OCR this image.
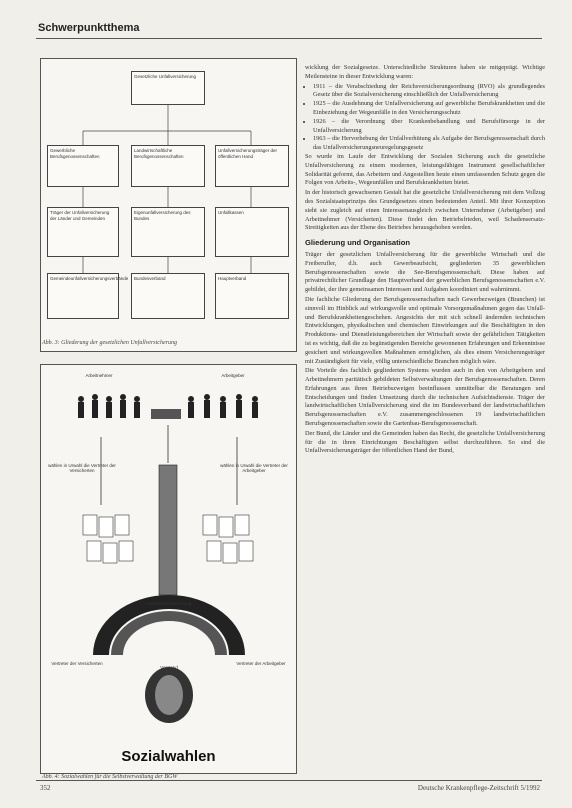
Schwerpunktthema
Gesetzliche Unfallversicherung
Gewerbliche Berufsgenossenschaften
Landwirtschaftliche Berufsgenossenschaften
Unfallversicherungsträger der öffentlichen Hand
Träger der Unfallversicherung der Länder und Gemeinden
Eigenunfallversicherung des Bundes
Unfallkassen
Gemeindeunfallversicherungsverbände	Bundesverband	Hauptverband
Abb. 3: Gliederung der gesetzlichen Unfallversicherung
Arbeitnehmer	Arbeitgeber
wählen in Urwahl die Vertreter der Versicherten
wählen in Urwahl die Vertreter der Arbeitgeber
Vertreterversammlung
Vertreter der Versicherten	Vertreter der Arbeitgeber
Vorstand
Sozialwahlen
Abb. 4: Sozialwahlen für die Selbstverwaltung der BGW

wicklung der Sozialgesetze. Unterschiedliche Strukturen haben sie mitgeprägt. Wichtige Meilensteine in dieser Entwicklung waren:

• 1911 – die Verabschiedung der Reichsversicherungsordnung (RVO) als grundlegendes Gesetz über die Sozialversicherung einschließlich der Unfallversicherung
• 1925 – die Ausdehnung der Unfallversicherung auf gewerbliche Berufskrankheiten und die Einbeziehung der Wegeunfälle in den Versicherungsschutz
• 1926 – die Verordnung über Krankenbehandlung und Berufsfürsorge in der Unfallversicherung
• 1963 – die Hervorhebung der Unfallverhütung als Aufgabe der Berufsgenossenschaft durch das Unfallversicherungsneuregelungsgesetz

So wurde im Laufe der Entwicklung der Sozialen Sicherung auch die gesetzliche Unfallversicherung zu einem modernen, leistungsfähigen Instrument gesellschaftlicher Solidarität geformt, das Arbeitern und Angestellten heute einen umfassenden Schutz gegen die Folgen von Arbeits-, Wegeunfällen und Berufskrankheiten bietet.

In der historisch gewachsenen Gestalt hat die gesetzliche Unfallversicherung mit dem Vollzug des Sozialstaatsprinzips des Grundgesetzes einen bedeutenden Anteil. Mit ihrer Konzeption sieht sie zugleich auf einen Interessenausgleich zwischen Unternehmer (Arbeitgeber) und Arbeitnehmer (Versicherten). Diese findet den Betriebsfrieden, weil Schadensersatz-Streitigkeiten aus der Ebene des Betriebes herausgehoben werden.

Gliederung und Organisation

Träger der gesetzlichen Unfallversicherung für die gewerbliche Wirtschaft und die Freiberufler, d.h. auch Gewerbeaufsicht, gegliederten 35 gewerblichen Berufsgenossenschaften sowie die See-Berufsgenossenschaft. Diese haben auf privatrechtlicher Grundlage den Hauptverband der gewerblichen Berufsgenossenschaften e.V. gebildet, der ihre gemeinsamen Interessen und Aufgaben koordiniert und wahrnimmt.

Die fachliche Gliederung der Berufsgenossenschaften nach Gewerbezweigen (Branchen) ist sinnvoll im Hinblick auf wirkungsvolle und optimale Vorsorgemaßnahmen gegen das Unfall- und Berufskrankheitengeschehen. Angesichts der mit sich schnell ändernden technischen Entwicklungen, physikalischen und chemischen Einwirkungen auf die Beschäftigten in den Produktions- und Dienstleistungsbereichen der Wirtschaft sowie der gefährlichen Tätigkeiten ist es wichtig, daß die zu begünstigenden Bereiche gewonnenen Erfahrungen und Erkenntnisse gesichert und wirkungsvollen Maßnahmen ermöglichen, als dies einem Versicherungsträger mit Zuständigkeit für viele, völlig unterschiedliche Branchen möglich wäre.

Die Vorteile des fachlich gegliederten Systems wurden auch in den von Arbeitgebern und Arbeitnehmern paritätisch gebildeten Selbstverwaltungen der Berufsgenossenschaften. Deren Erfahrungen aus ihren Betriebszweigen beeinflussen unmittelbar die Beratungen und Entscheidungen und finden Umsetzung durch die technischen Aufsichtsdienste. Träger der landwirtschaftlichen Unfallversicherung sind die im Bundesverband der landwirtschaftlichen Berufsgenossenschaften e.V. zusammengeschlossenen 19 landwirtschaftlichen Berufsgenossenschaften sowie die Gartenbau-Berufsgenossenschaft.

Der Bund, die Länder und die Gemeinden haben das Recht, die gesetzliche Unfallversicherung für die in ihren Einrichtungen Beschäftigten selbst durchzuführen. So sind die Unfallversicherungsträger der öffentlichen Hand der Bund,

352	Deutsche Krankenpflege-Zeitschrift 5/1992
